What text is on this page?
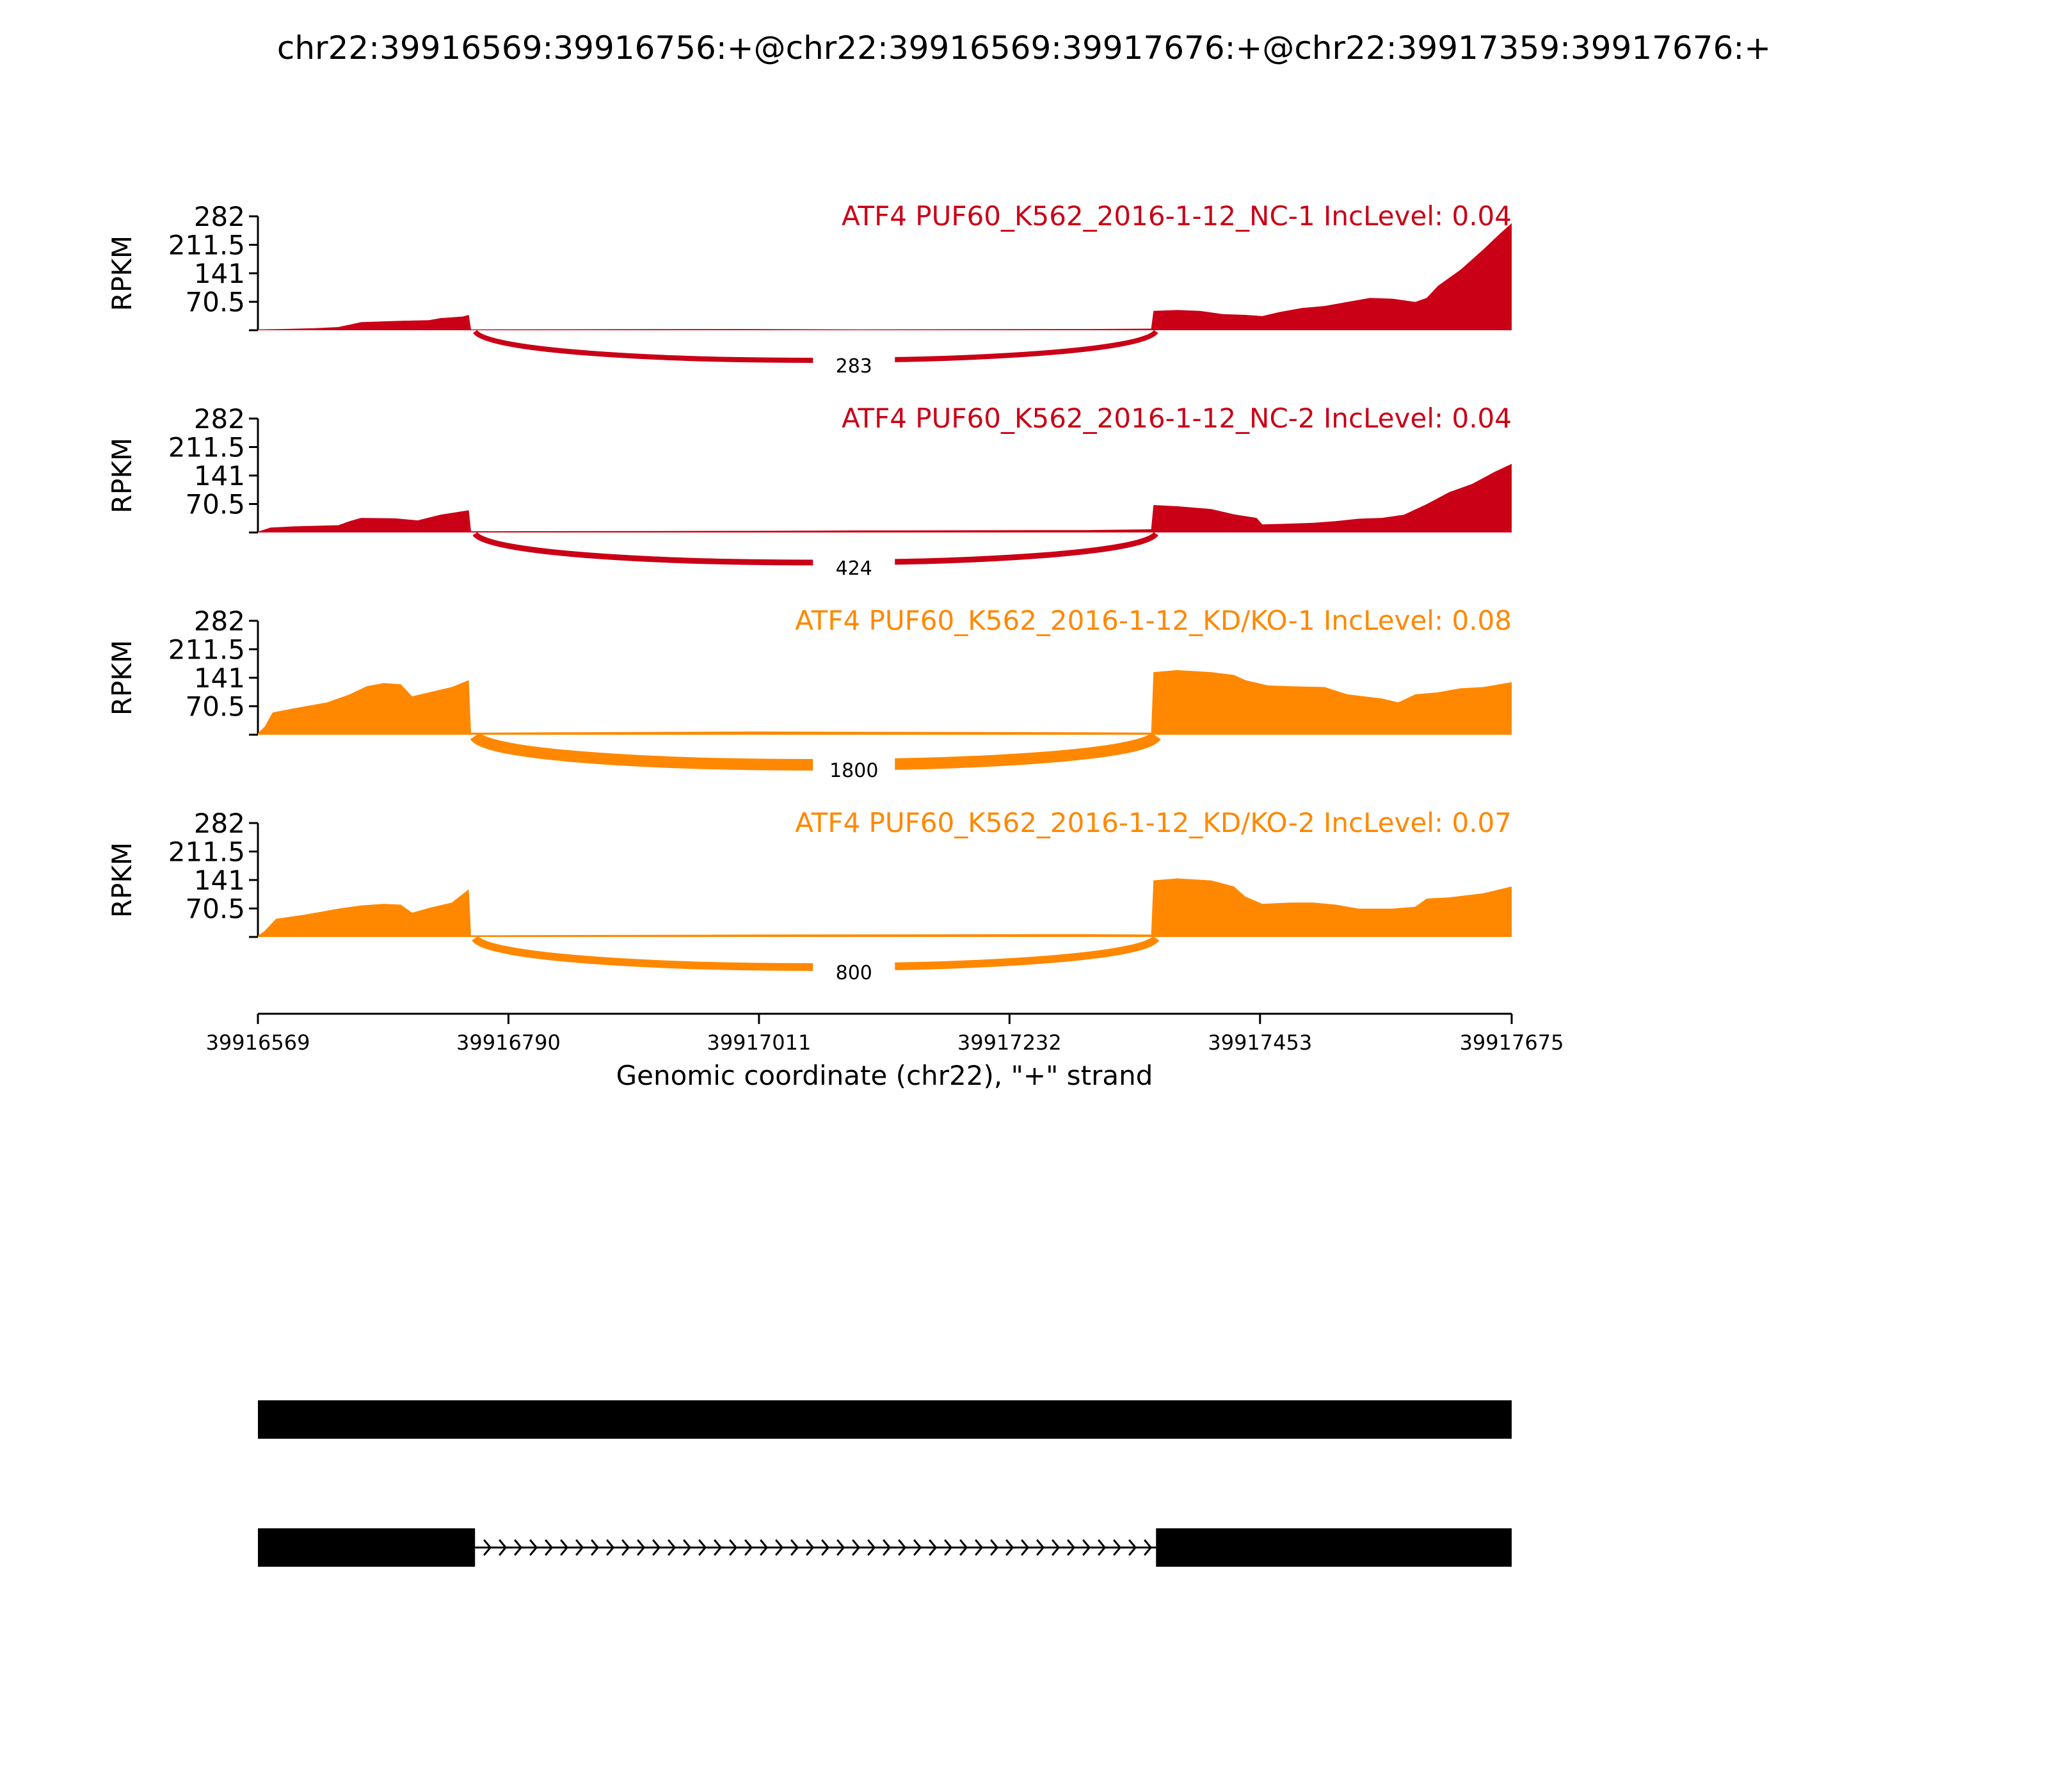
chr22:39916569:39916756:+@chr22:39916569:39917676:+@chr22:39917359:39917676:+
70.5
141
211.5
282
RPKM
ATF4 PUF60_K562_2016-1-12_NC-1 IncLevel: 0.04
283
70.5
141
211.5
282
RPKM
ATF4 PUF60_K562_2016-1-12_NC-2 IncLevel: 0.04
424
70.5
141
211.5
282
RPKM
ATF4 PUF60_K562_2016-1-12_KD/KO-1 IncLevel: 0.08
1800
70.5
141
211.5
282
RPKM
ATF4 PUF60_K562_2016-1-12_KD/KO-2 IncLevel: 0.07
800
39916569	39916790	39917011	39917232	39917453	39917675
Genomic coordinate (chr22), "+" strand
